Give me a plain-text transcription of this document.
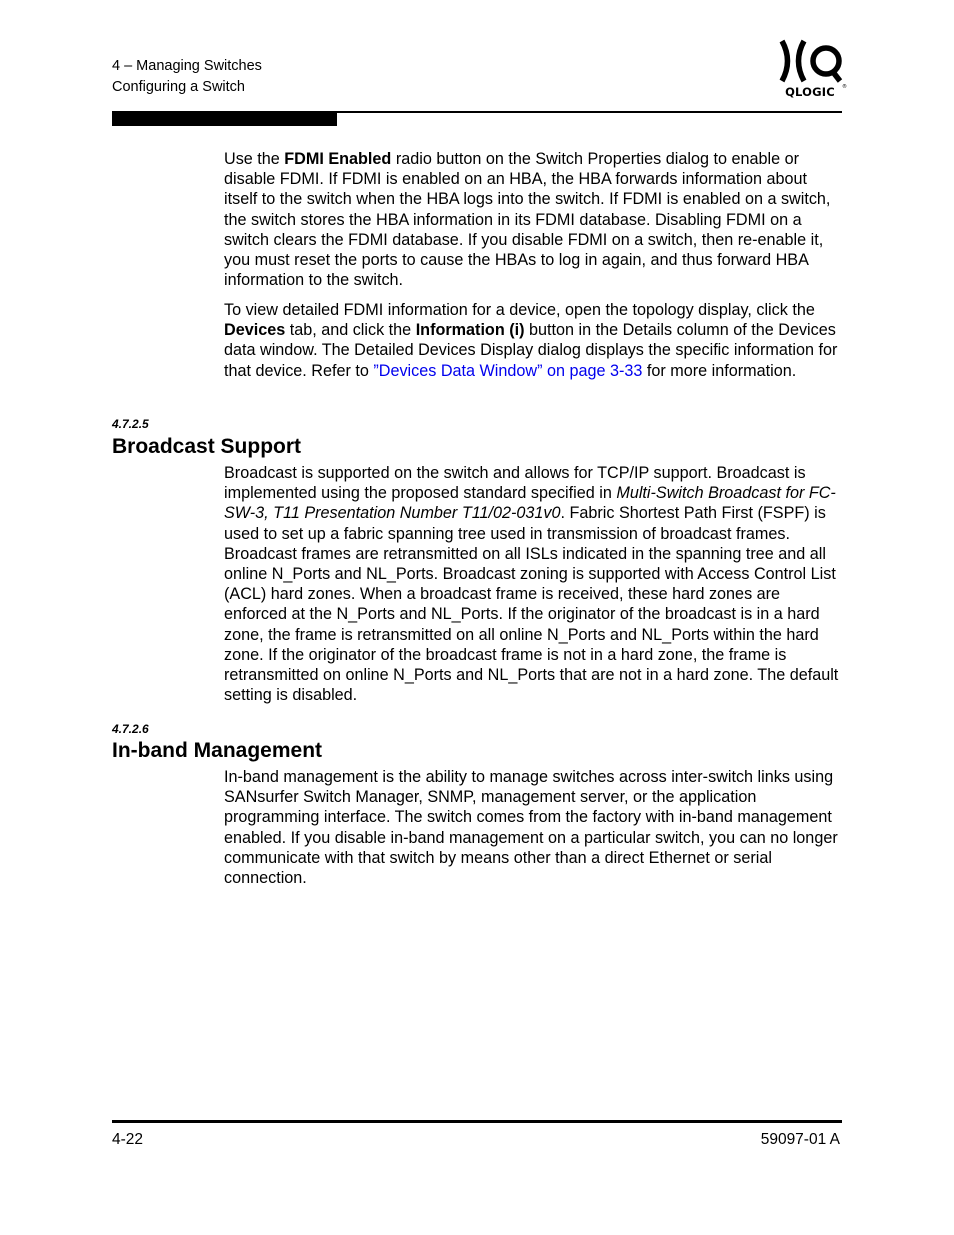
4 – Managing Switches
Configuring a Switch	QLOGIC	®

Use the FDMI Enabled radio button on the Switch Properties dialog to enable or disable FDMI. If FDMI is enabled on an HBA, the HBA forwards information about itself to the switch when the HBA logs into the switch. If FDMI is enabled on a switch, the switch stores the HBA information in its FDMI database. Disabling FDMI on a switch clears the FDMI database. If you disable FDMI on a switch, then re-enable it, you must reset the ports to cause the HBAs to log in again, and thus forward HBA information to the switch.

To view detailed FDMI information for a device, open the topology display, click the Devices tab, and click the Information (i) button in the Details column of the Devices data window. The Detailed Devices Display dialog displays the specific information for that device. Refer to ”Devices Data Window” on page 3-33 for more information.

4.7.2.5
Broadcast Support

Broadcast is supported on the switch and allows for TCP/IP support. Broadcast is implemented using the proposed standard specified in Multi-Switch Broadcast for FC-SW-3, T11 Presentation Number T11/02-031v0. Fabric Shortest Path First (FSPF) is used to set up a fabric spanning tree used in transmission of broadcast frames. Broadcast frames are retransmitted on all ISLs indicated in the spanning tree and all online N_Ports and NL_Ports. Broadcast zoning is supported with Access Control List (ACL) hard zones. When a broadcast frame is received, these hard zones are enforced at the N_Ports and NL_Ports. If the originator of the broadcast is in a hard zone, the frame is retransmitted on all online N_Ports and NL_Ports within the hard zone. If the originator of the broadcast frame is not in a hard zone, the frame is retransmitted on online N_Ports and NL_Ports that are not in a hard zone. The default setting is disabled.

4.7.2.6
In-band Management

In-band management is the ability to manage switches across inter-switch links using SANsurfer Switch Manager, SNMP, management server, or the application programming interface. The switch comes from the factory with in-band management enabled. If you disable in-band management on a particular switch, you can no longer communicate with that switch by means other than a direct Ethernet or serial connection.

4-22	59097-01 A
